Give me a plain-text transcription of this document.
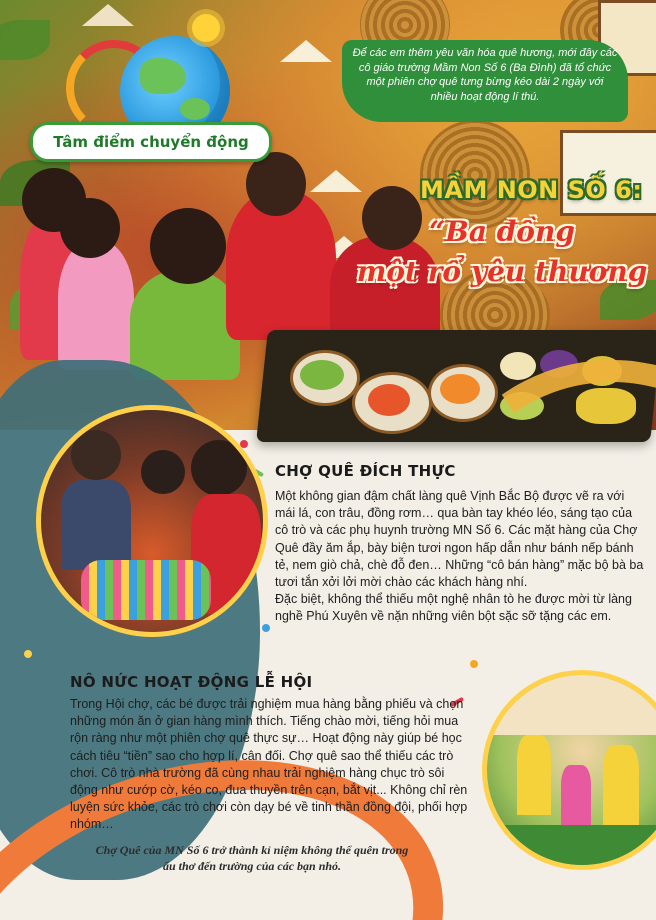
Tâm điểm chuyển động
Để các em thêm yêu văn hóa quê hương, mới đây các cô giáo trường Mầm Non Số 6 (Ba Đình) đã tổ chức một phiên chợ quê tưng bừng kéo dài 2 ngày với nhiều hoạt động lí thú.
MẦM NON SỐ 6:
“Ba đồng
một rổ yêu thương
CHỢ QUÊ ĐÍCH THỰC
Một không gian đậm chất làng quê Vịnh Bắc Bộ được vẽ ra với mái lá, con trâu, đồng rơm… qua bàn tay khéo léo, sáng tạo của cô trò và các phụ huynh trường MN Số 6. Các mặt hàng của Chợ Quê đầy ăm ắp, bày biện tươi ngon hấp dẫn như bánh nếp bánh tẻ, nem giò chả, chè đỗ đen… Những “cô bán hàng” mặc bộ bà ba tươi tắn xởi lởi mời chào các khách hàng nhí.
Đặc biệt, không thể thiếu một nghệ nhân tò he được mời từ làng nghề Phú Xuyên về nặn những viên bột sặc sỡ tặng các em.
NÔ NỨC HOẠT ĐỘNG LỄ HỘI
Trong Hội chợ, các bé được trải nghiệm mua hàng bằng phiếu và chọn những món ăn ở gian hàng mình thích. Tiếng chào mời, tiếng hỏi mua rộn ràng như một phiên chợ quê thực sự… Hoạt động này giúp bé học cách tiêu “tiền” sao cho hợp lí, cân đối. Chợ quê sao thể thiếu các trò chơi. Cô trò nhà trường đã cùng nhau trải nghiệm hàng chục trò sôi động như cướp cờ, kéo co, đua thuyền trên cạn, bắt vịt... Không chỉ rèn luyện sức khỏe, các trò chơi còn dạy bé về tinh thần đồng đội, phối hợp nhóm…
Chợ Quê của MN Số 6 trở thành kỉ niệm không thể quên trong ấu thơ đến trường của các bạn nhỏ.
